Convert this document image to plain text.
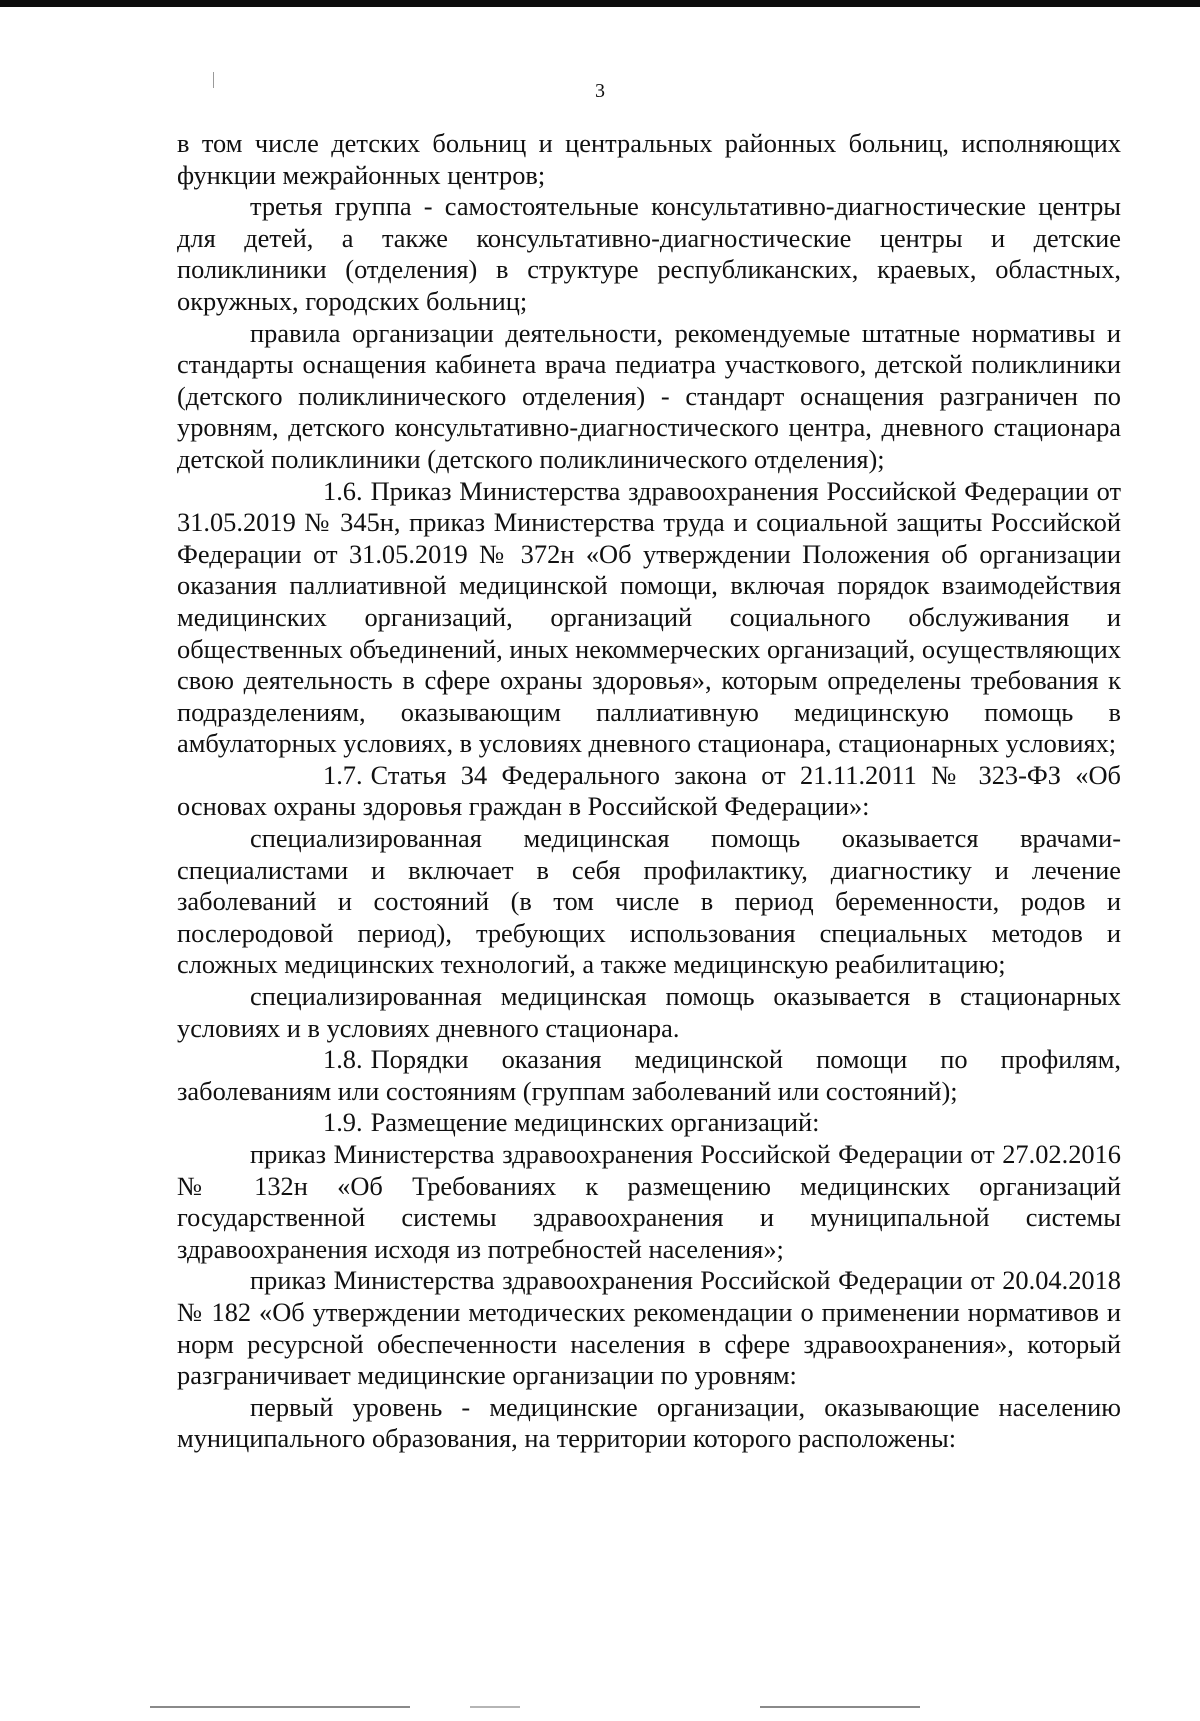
3

в том числе детских больниц и центральных районных больниц, исполняющих функции межрайонных центров;

третья группа - самостоятельные консультативно-диагностические центры для детей, а также консультативно-диагностические центры и детские поликлиники (отделения) в структуре республиканских, краевых, областных, окружных, городских больниц;

правила организации деятельности, рекомендуемые штатные нормативы и стандарты оснащения кабинета врача педиатра участкового, детской поликлиники (детского поликлинического отделения) - стандарт оснащения разграничен по уровням, детского консультативно-диагностического центра, дневного стационара детской поликлиники (детского поликлинического отделения);

1.6. Приказ Министерства здравоохранения Российской Федерации от 31.05.2019 № 345н, приказ Министерства труда и социальной защиты Российской Федерации от 31.05.2019 № 372н «Об утверждении Положения об организации оказания паллиативной медицинской помощи, включая порядок взаимодействия медицинских организаций, организаций социального обслуживания и общественных объединений, иных некоммерческих организаций, осуществляющих свою деятельность в сфере охраны здоровья», которым определены требования к подразделениям, оказывающим паллиативную медицинскую помощь в амбулаторных условиях, в условиях дневного стационара, стационарных условиях;

1.7. Статья 34 Федерального закона от 21.11.2011 № 323-ФЗ «Об основах охраны здоровья граждан в Российской Федерации»:

специализированная медицинская помощь оказывается врачами-специалистами и включает в себя профилактику, диагностику и лечение заболеваний и состояний (в том числе в период беременности, родов и послеродовой период), требующих использования специальных методов и сложных медицинских технологий, а также медицинскую реабилитацию;

специализированная медицинская помощь оказывается в стационарных условиях и в условиях дневного стационара.

1.8. Порядки оказания медицинской помощи по профилям, заболеваниям или состояниям (группам заболеваний или состояний);

1.9. Размещение медицинских организаций:

приказ Министерства здравоохранения Российской Федерации от 27.02.2016 № 132н «Об Требованиях к размещению медицинских организаций государственной системы здравоохранения и муниципальной системы здравоохранения исходя из потребностей населения»;

приказ Министерства здравоохранения Российской Федерации от 20.04.2018 № 182 «Об утверждении методических рекомендации о применении нормативов и норм ресурсной обеспеченности населения в сфере здравоохранения», который разграничивает медицинские организации по уровням:

первый уровень - медицинские организации, оказывающие населению муниципального образования, на территории которого расположены:
